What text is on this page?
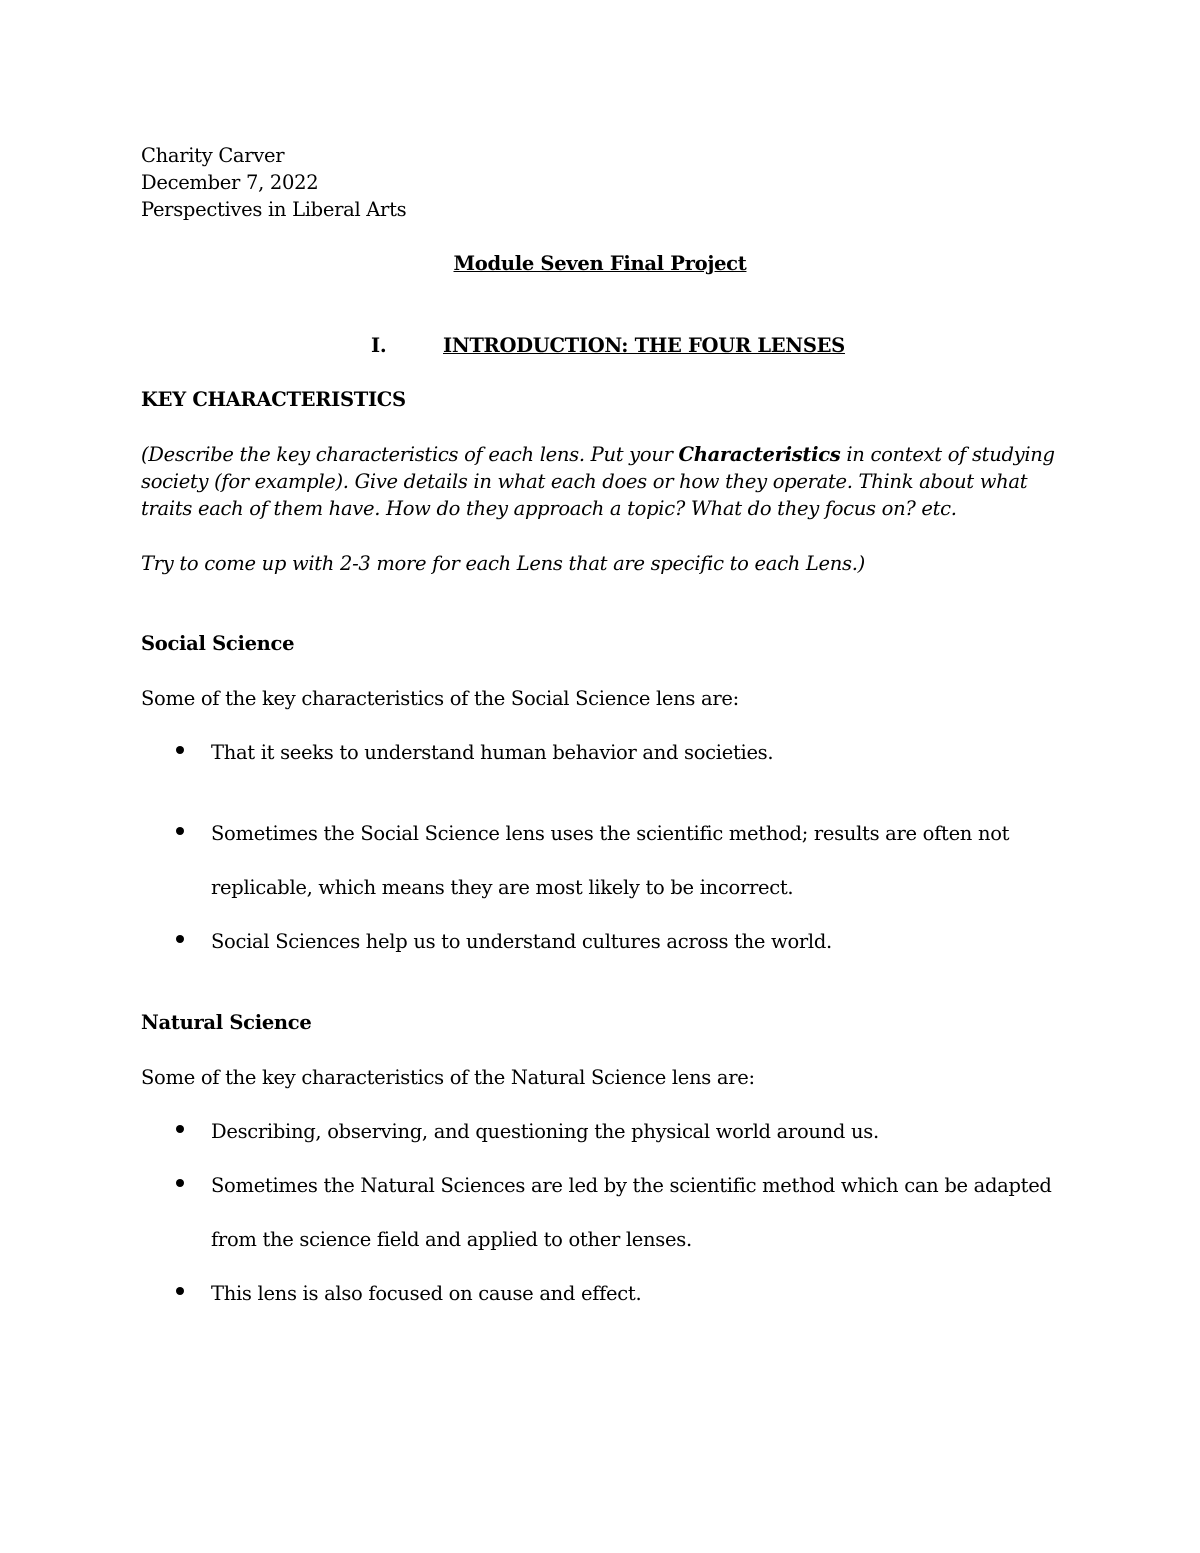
Charity Carver
December 7, 2022
Perspectives in Liberal Arts
Module Seven Final Project
I.	INTRODUCTION: THE FOUR LENSES
KEY CHARACTERISTICS
(Describe the key characteristics of each lens. Put your Characteristics in context of studying
society (for example). Give details in what each does or how they operate. Think about what
traits each of them have. How do they approach a topic? What do they focus on? etc.
Try to come up with 2-3 more for each Lens that are specific to each Lens.)
Social Science
Some of the key characteristics of the Social Science lens are:
That it seeks to understand human behavior and societies.
Sometimes the Social Science lens uses the scientific method; results are often not
replicable, which means they are most likely to be incorrect.
Social Sciences help us to understand cultures across the world.
Natural Science
Some of the key characteristics of the Natural Science lens are:
Describing, observing, and questioning the physical world around us.
Sometimes the Natural Sciences are led by the scientific method which can be adapted
from the science field and applied to other lenses.
This lens is also focused on cause and effect.
